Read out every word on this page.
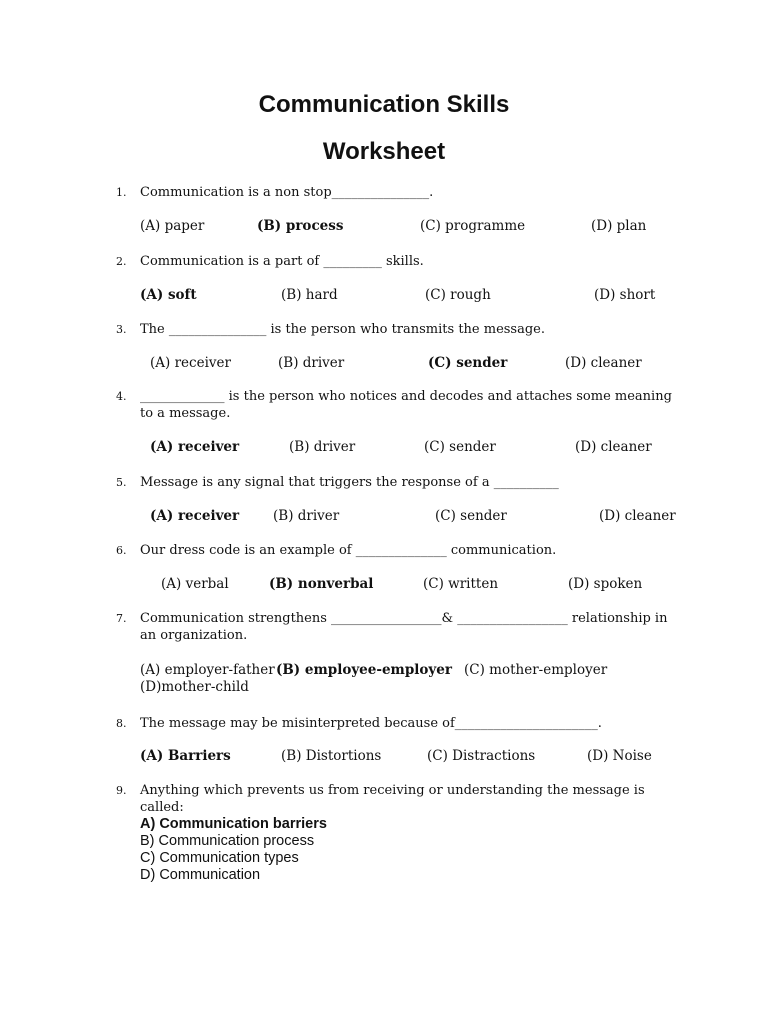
Communication Skills
Worksheet
1. Communication is a non stop_______________.
(A) paper	(B) process	(C) programme	(D) plan
2. Communication is a part of _________ skills.
(A) soft	(B) hard	(C) rough	(D) short
3. The _______________ is the person who transmits the message.
(A) receiver	(B) driver	(C) sender	(D) cleaner
4. _____________ is the person who notices and decodes and attaches some meaning to a message.
(A) receiver	(B) driver	(C) sender	(D) cleaner
5. Message is any signal that triggers the response of a __________
(A) receiver	(B) driver	(C) sender	(D) cleaner
6. Our dress code is an example of ______________ communication.
(A) verbal	(B) nonverbal	(C) written	(D) spoken
7. Communication strengthens _________________& _________________ relationship in an organization.
(A) employer-father (B) employee-employer (C) mother-employer
(D)mother-child
8. The message may be misinterpreted because of______________________.
(A) Barriers	(B) Distortions	(C) Distractions	(D) Noise
9. Anything which prevents us from receiving or understanding the message is called:
A) Communication barriers
B) Communication process
C) Communication types
D) Communication
